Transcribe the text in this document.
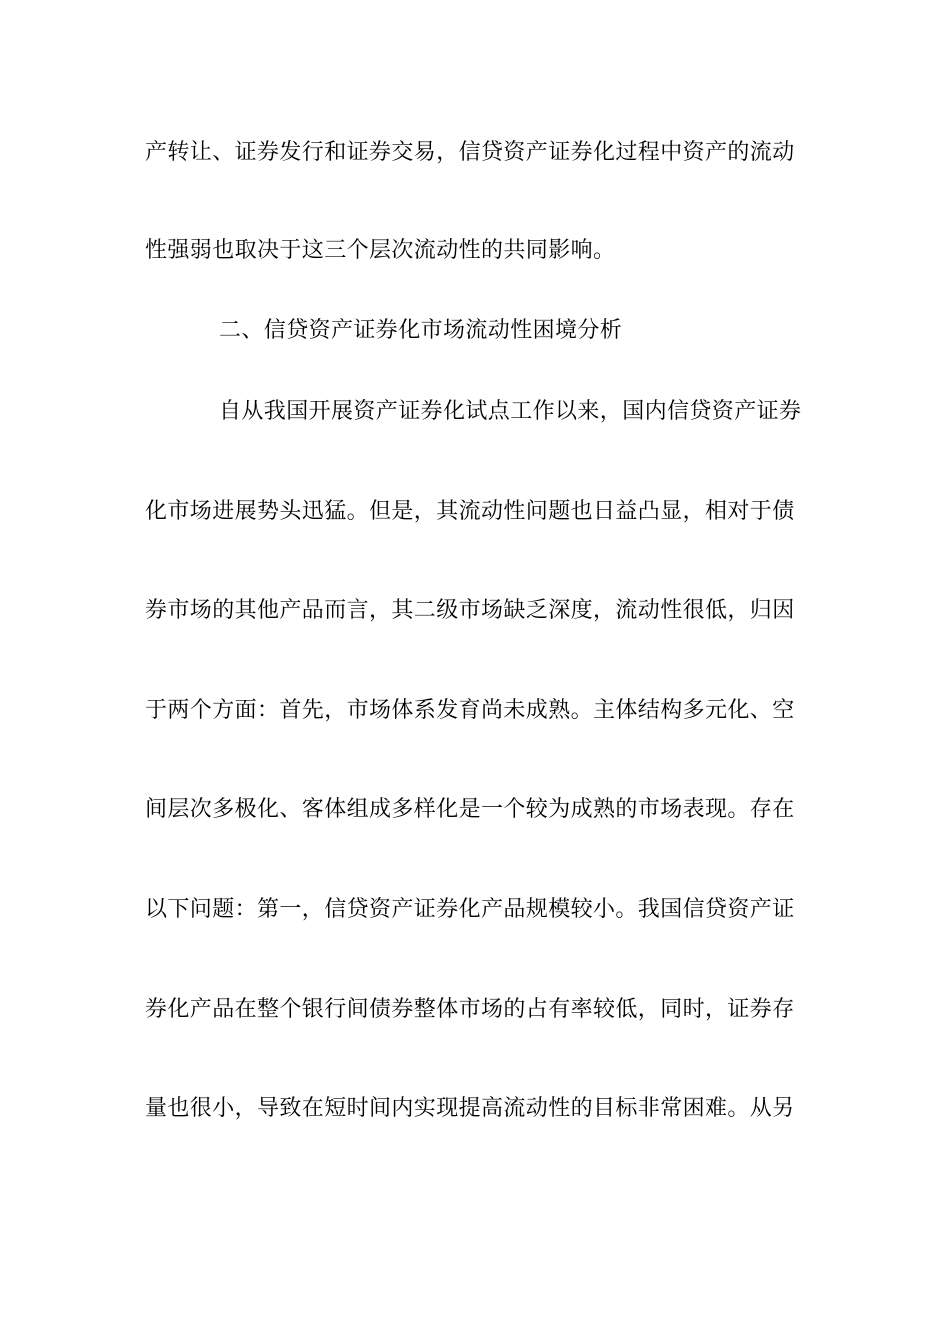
产转让、证券发行和证券交易，信贷资产证券化过程中资产的流动
性强弱也取决于这三个层次流动性的共同影响。
二、信贷资产证券化市场流动性困境分析
自从我国开展资产证券化试点工作以来，国内信贷资产证券
化市场进展势头迅猛。但是，其流动性问题也日益凸显，相对于债
券市场的其他产品而言，其二级市场缺乏深度，流动性很低，归因
于两个方面：首先，市场体系发育尚未成熟。主体结构多元化、空
间层次多极化、客体组成多样化是一个较为成熟的市场表现。存在
以下问题：第一，信贷资产证券化产品规模较小。我国信贷资产证
券化产品在整个银行间债券整体市场的占有率较低，同时，证券存
量也很小，导致在短时间内实现提高流动性的目标非常困难。从另
